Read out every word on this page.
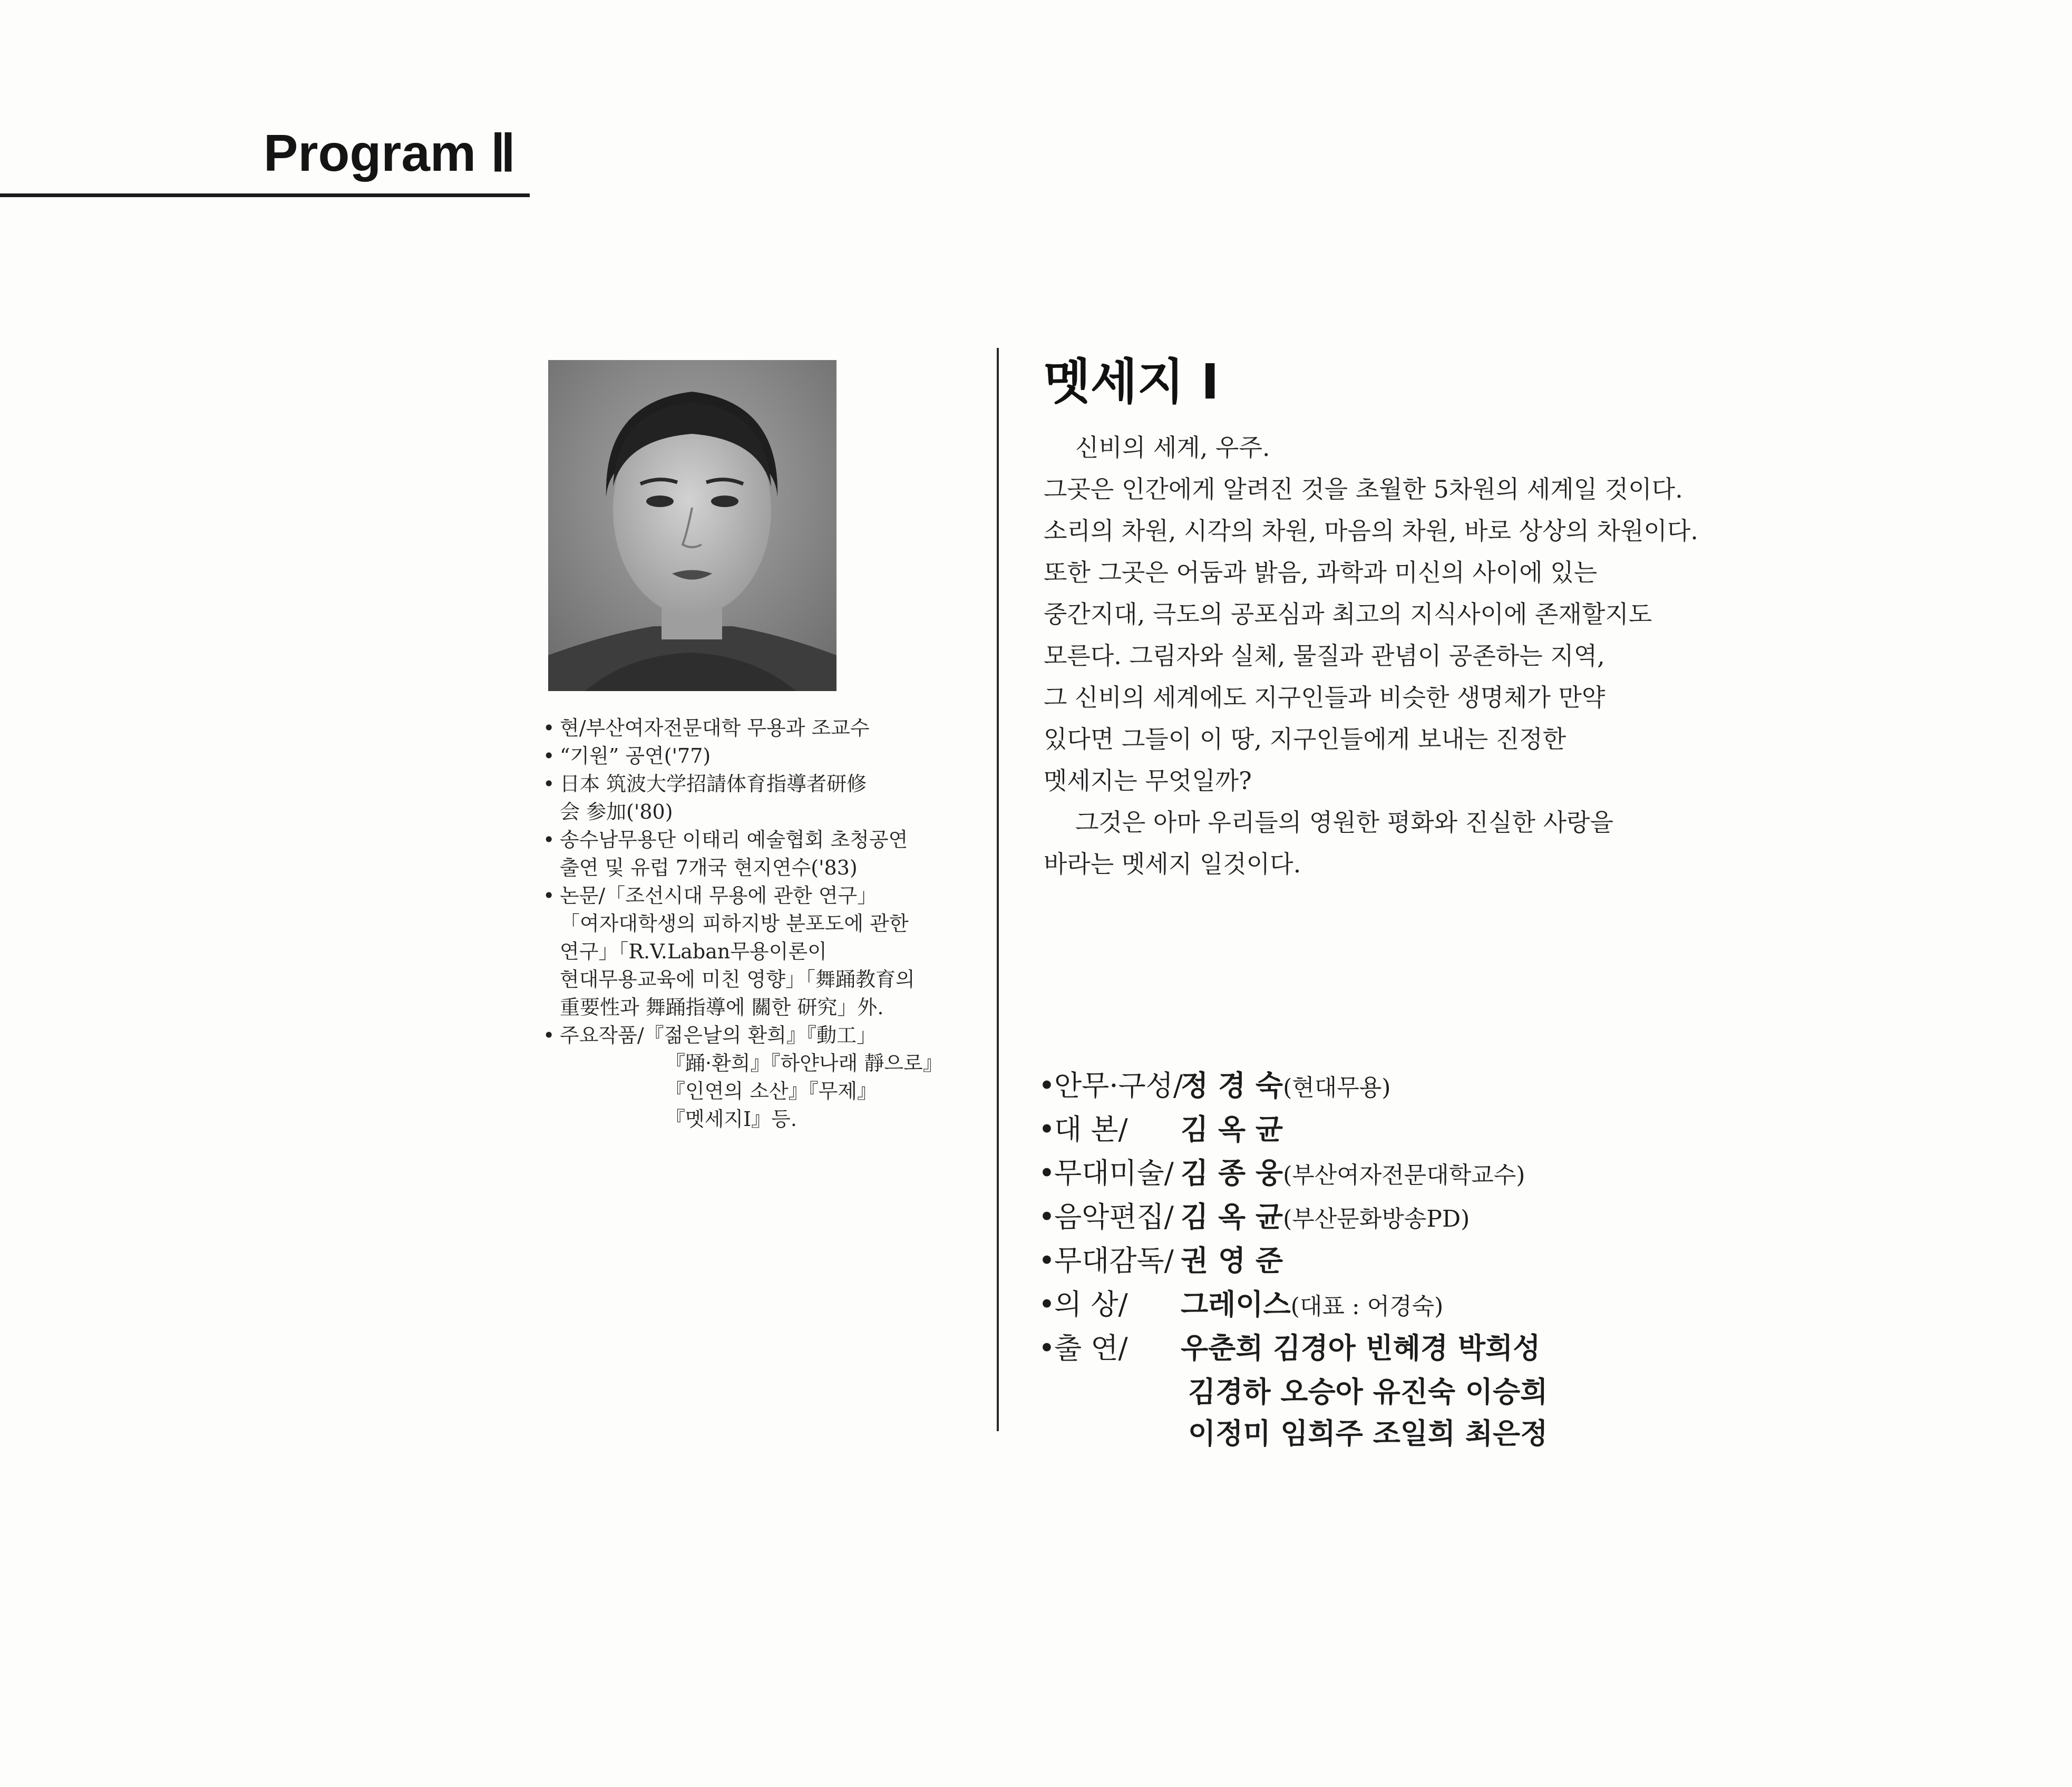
Program Ⅱ
• 현/부산여자전문대학 무용과 조교수
• “기원” 공연('77)
• 日本 筑波大学招請体育指導者研修
会 参加('80)
• 송수남무용단 이태리 예술협회 초청공연
출연 및 유럽 7개국 현지연수('83)
• 논문/「조선시대 무용에 관한 연구」
「여자대학생의 피하지방 분포도에 관한
연구」「R.V.Laban무용이론이
현대무용교육에 미친 영향」「舞踊教育의
重要性과 舞踊指導에 關한 研究」外.
• 주요작품/『젊은날의 환희』『動工」
『踊·환희』『하얀나래 靜으로』
『인연의 소산』『무제』
『멧세지Ⅰ』등.
멧세지 Ⅰ

신비의 세계, 우주.

그곳은 인간에게 알려진 것을 초월한 5차원의 세계일 것이다.

소리의 차원, 시각의 차원, 마음의 차원, 바로 상상의 차원이다.

또한 그곳은 어둠과 밝음, 과학과 미신의 사이에 있는

중간지대, 극도의 공포심과 최고의 지식사이에 존재할지도

모른다. 그림자와 실체, 물질과 관념이 공존하는 지역,

그 신비의 세계에도 지구인들과 비슷한 생명체가 만약

있다면 그들이 이 땅, 지구인들에게 보내는 진정한

멧세지는 무엇일까?

그것은 아마 우리들의 영원한 평화와 진실한 사랑을

바라는 멧세지 일것이다.

•안무·구성/정 경 숙(현대무용)
•대 본/ 김 옥 균
•무대미술/ 김 종 웅(부산여자전문대학교수)
•음악편집/ 김 옥 균(부산문화방송PD)
•무대감독/ 권 영 준
•의 상/ 그레이스(대표 : 어경숙)
•출 연/ 우춘희 김경아 빈혜경 박희성
김경하 오승아 유진숙 이승희
이정미 임희주 조일희 최은정
